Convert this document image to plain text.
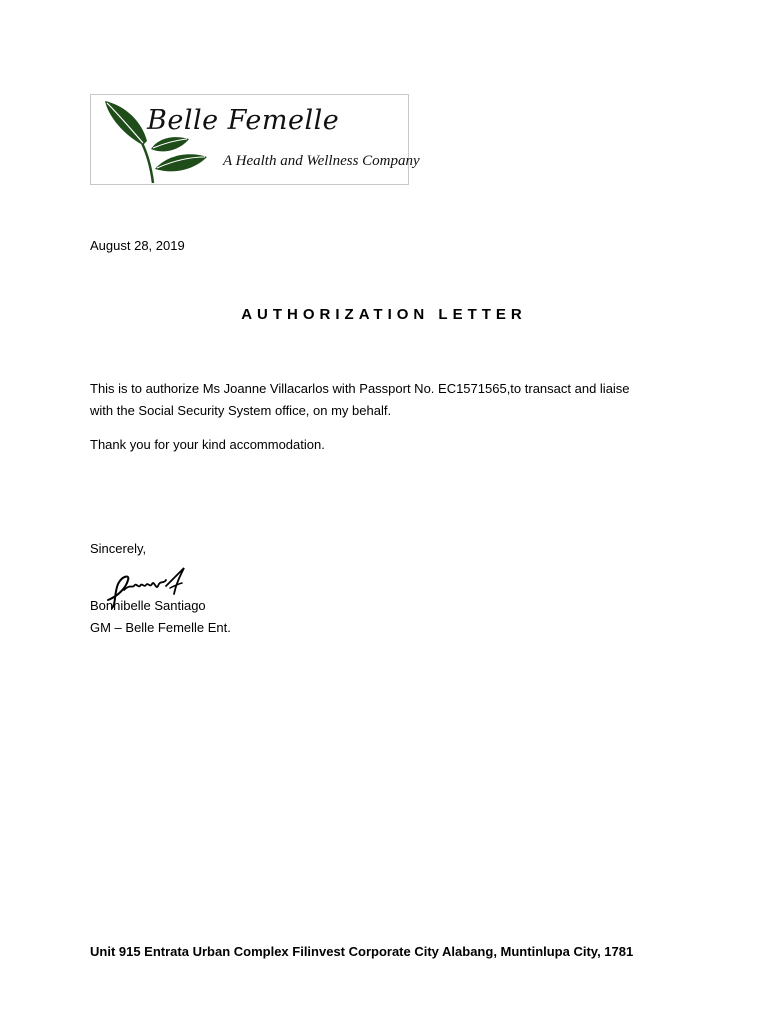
Belle Femelle
A Health and Wellness Company
August 28, 2019
AUTHORIZATION LETTER
This is to authorize Ms Joanne Villacarlos with Passport No. EC1571565,to transact and liaise
with the Social Security System office, on my behalf.
Thank you for your kind accommodation.
Sincerely,
Bonnibelle Santiago
GM – Belle Femelle Ent.
Unit 915 Entrata Urban Complex Filinvest Corporate City Alabang, Muntinlupa City, 1781
